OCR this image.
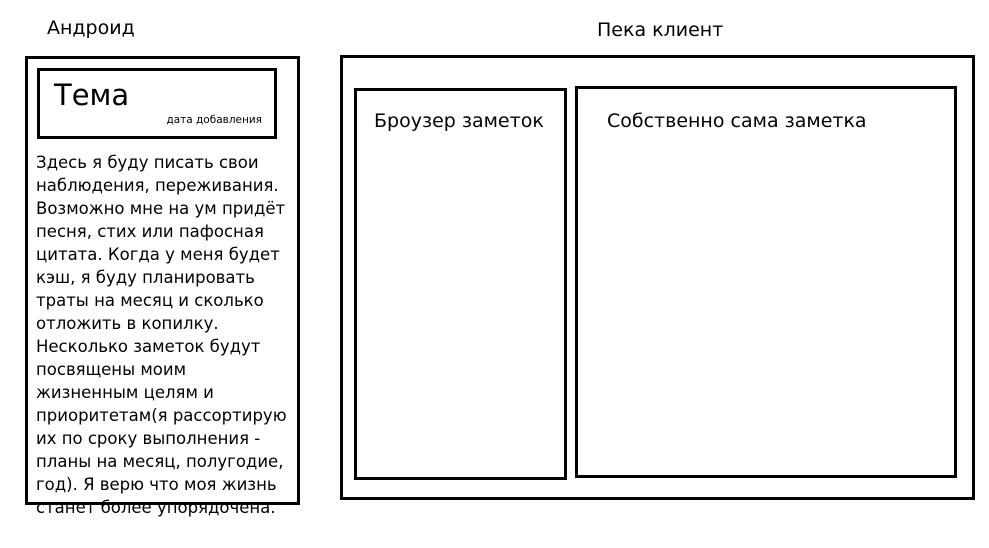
Андроид	Пека клиент
Тема
дата добавления

Здесь я буду писать свои наблюдения, переживания. Возможно мне на ум придёт песня, стих или пафосная цитата. Когда у меня будет кэш, я буду планировать траты на месяц и сколько отложить в копилку. Несколько заметок будут посвящены моим жизненным целям и приоритетам(я рассортирую их по сроку выполнения - планы на месяц, полугодие, год). Я верю что моя жизнь станет более упорядочена.

Броузер заметок	Собственно сама заметка
